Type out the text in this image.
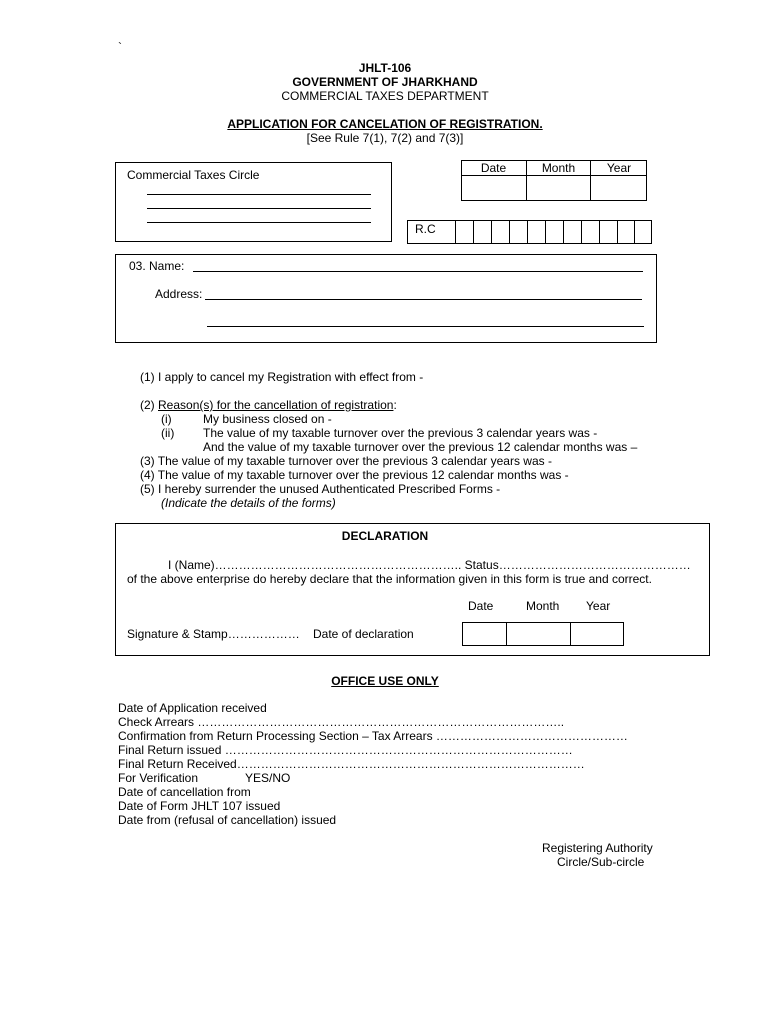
`
JHLT-106
GOVERNMENT OF JHARKHAND
COMMERCIAL TAXES DEPARTMENT
APPLICATION FOR CANCELATION OF REGISTRATION.
[See Rule 7(1), 7(2) and 7(3)]
Commercial Taxes Circle	Date	Month	Year
R.C
03. Name:
Address:
(1) I apply to cancel my Registration with effect from -
(2) Reason(s) for the cancellation of registration:
(i)	My business closed on -
(ii) The value of my taxable turnover over the previous 3 calendar years was -
And the value of my taxable turnover over the previous 12 calendar months was –
(3) The value of my taxable turnover over the previous 3 calendar years was -
(4) The value of my taxable turnover over the previous 12 calendar months was -
(5) I hereby surrender the unused Authenticated Prescribed Forms -
(Indicate the details of the forms)
DECLARATION
I (Name)…………………………………………………….. Status…………………………………………
of the above enterprise do hereby declare that the information given in this form is true and correct.
Date	Month Year
Signature & Stamp……………… Date of declaration
OFFICE USE ONLY
Date of Application received
Check Arrears ………………………………………………………………………………..
Confirmation from Return Processing Section – Tax Arrears …………………………………………
Final Return issued ……………………………………………………………………………
Final Return Received……………………………………………………………………………
For Verification	YES/NO
Date of cancellation from
Date of Form JHLT 107 issued
Date from (refusal of cancellation) issued
Registering Authority
Circle/Sub-circle
